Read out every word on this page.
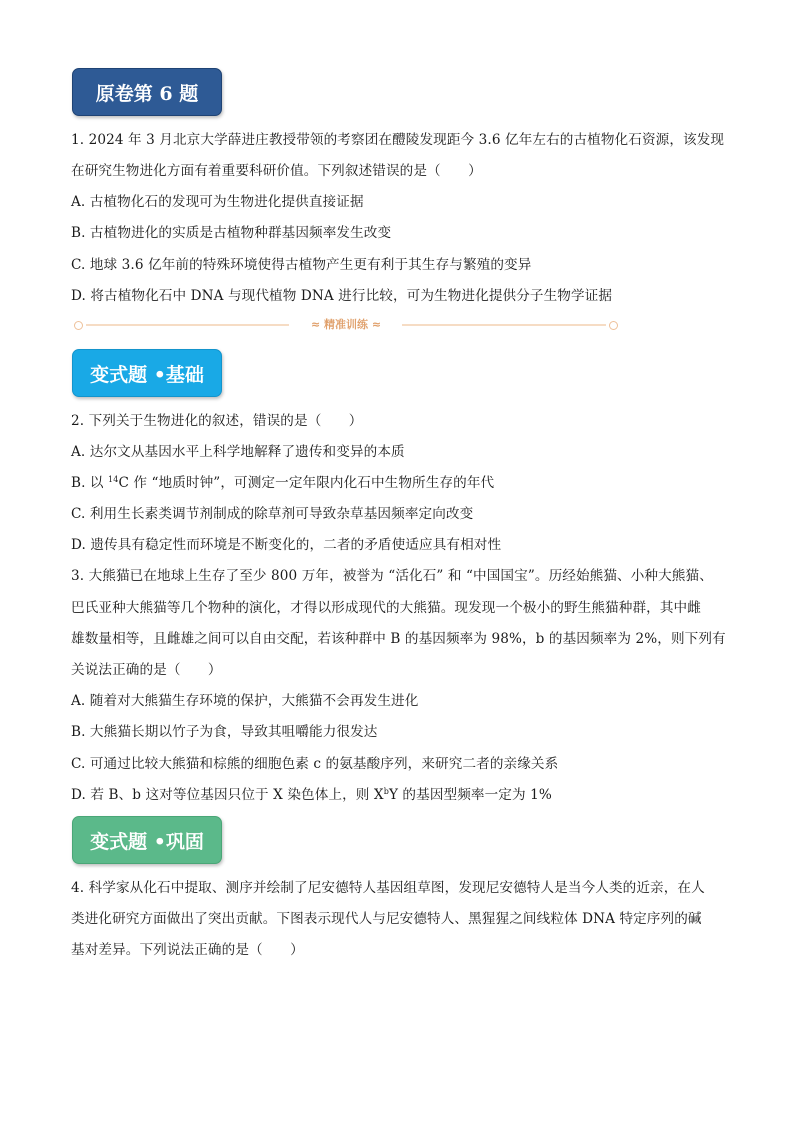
原卷第 6 题
1. 2024 年 3 月北京大学薛进庄教授带领的考察团在醴陵发现距今 3.6 亿年左右的古植物化石资源，该发现
在研究生物进化方面有着重要科研价值。下列叙述错误的是（　　）
A. 古植物化石的发现可为生物进化提供直接证据
B. 古植物进化的实质是古植物种群基因频率发生改变
C. 地球 3.6 亿年前的特殊环境使得古植物产生更有利于其生存与繁殖的变异
D. 将古植物化石中 DNA 与现代植物 DNA 进行比较，可为生物进化提供分子生物学证据
≈ 精准训练 ≈
变式题 •基础
2. 下列关于生物进化的叙述，错误的是（　　）
A. 达尔文从基因水平上科学地解释了遗传和变异的本质
B. 以 $^{14}$C 作 “地质时钟”，可测定一定年限内化石中生物所生存的年代
C. 利用生长素类调节剂制成的除草剂可导致杂草基因频率定向改变
D. 遗传具有稳定性而环境是不断变化的，二者的矛盾使适应具有相对性
3. 大熊猫已在地球上生存了至少 800 万年，被誉为 “活化石” 和 “中国国宝”。历经始熊猫、小种大熊猫、
巴氏亚种大熊猫等几个物种的演化，才得以形成现代的大熊猫。现发现一个极小的野生熊猫种群，其中雌
雄数量相等，且雌雄之间可以自由交配，若该种群中 B 的基因频率为 98%，b 的基因频率为 2%，则下列有
关说法正确的是（　　）
A. 随着对大熊猫生存环境的保护，大熊猫不会再发生进化
B. 大熊猫长期以竹子为食，导致其咀嚼能力很发达
C. 可通过比较大熊猫和棕熊的细胞色素 c 的氨基酸序列，来研究二者的亲缘关系
D. 若 B、b 这对等位基因只位于 X 染色体上，则 $X^bY$ 的基因型频率一定为 1%
变式题 •巩固
4. 科学家从化石中提取、测序并绘制了尼安德特人基因组草图，发现尼安德特人是当今人类的近亲，在人
类进化研究方面做出了突出贡献。下图表示现代人与尼安德特人、黑猩猩之间线粒体 DNA 特定序列的碱
基对差异。下列说法正确的是（　　）
